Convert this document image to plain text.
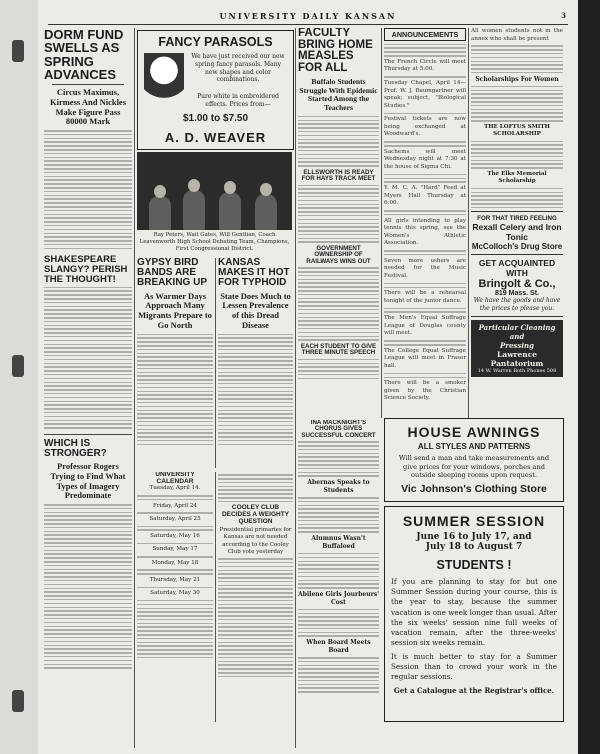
UNIVERSITY DAILY KANSAN	3
DORM FUND SWELLS AS SPRING ADVANCES
Circus Maximus, Kirmess And Nickles Make Figure Pass 80000 Mark
SHAKESPEARE SLANGY? PERISH THE THOUGHT!
WHICH IS STRONGER?
Professor Rogers Trying to Find What Types of Imagery Predominate
FANCY PARASOLS
We have just received our new spring fancy parasols. Many new shapes and color combinations.
Pure white in embroidered effects. Prices from—
$1.00 to $7.50
A. D. WEAVER
Ray Peters, Wait Gates, Will Gentlian, Coach
Leavenworth High School Debating Team, Champions, First Congressional District.
GYPSY BIRD BANDS ARE BREAKING UP
As Warmer Days Approach Many Migrants Prepare to Go North
KANSAS MAKES IT HOT FOR TYPHOID
State Does Much to Lessen Prevalence of this Dread Disease
UNIVERSITY CALENDAR
Tuesday, April 14.
Friday, April 24
Saturday, April 25
Saturday, May 16
Sunday, May 17
Monday, May 18
Thursday, May 21
Saturday, May 30
COOLEY CLUB DECIDES A WEIGHTY QUESTION
Presidential primaries for Kansas are not needed according to the Cooley Club vote yesterday
FACULTY BRING HOME MEASLES FOR ALL
Buffalo Students Struggle With Epidemic Started Among the Teachers
ELLSWORTH IS READY FOR HAYS TRACK MEET
GOVERNMENT OWNERSHIP OF RAILWAYS WINS OUT
EACH STUDENT TO GIVE THREE MINUTE SPEECH
INA MACKNIGHT'S CHORUS GIVES SUCCESSFUL CONCERT
Abernas Speaks to Students
Alumnus Wasn't Buffaloed
Abilene Girls Jourbeurs' Cost
When Board Meets Board
ANNOUNCEMENTS
The French Circle will meet Thursday at 5:00.
Tuesday Chapel, April 14—Prof. W. J. Baumgartner will speak; subject, "Biological Studies."
Festival tickets are now being exchanged at Woodward's.
Sachems will meet Wednesday night at 7:30 at the house of Sigma Chi.
Y. M. C. A. "Hard" Feed at Myers Hall Thursday at 6:00.
All girls intending to play tennis this spring, see the Women's Athletic Association.
Seven more ushers are needed for the Music Festival.
There will be a rehearsal tonight of the junior dance.
The Men's Equal Suffrage League of Douglas county will meet.
The College Equal Suffrage League will meet in Fraser hall.
There will be a smoker given by the Christian Science Society.
All women students not in the annex who shall be present
Scholarships For Women
THE LOFTUS SMITH SCHOLARSHIP
The Elks Memorial Scholarship
FOR THAT TIRED FEELING
Rexall Celery and Iron Tonic
McColloch's Drug Store
GET ACQUAINTED WITH
Bringolt & Co.,
819 Mass. St.
We have the goods and have the prices to please you.
Particular Cleaning and
Pressing
Lawrence Pantatorium
14 W. Warren Both Phones 508
HOUSE AWNINGS
ALL STYLES AND PATTERNS
Will send a man and take measurements and give prices for your windows, porches and outside sleeping rooms upon request.
Vic Johnson's Clothing Store
SUMMER SESSION
June 16 to July 17, and
July 18 to August 7
STUDENTS !
If you are planning to stay for but one Summer Session during your course, this is the year to stay, because the summer vacation is one week longer than usual. After the six weeks' session nine full weeks of vacation remain, after the three-weeks' session six weeks remain.
It is much better to stay for a Summer Session than to crowd your work in the regular sessions.
Get a Catalogue at the Registrar's office.
